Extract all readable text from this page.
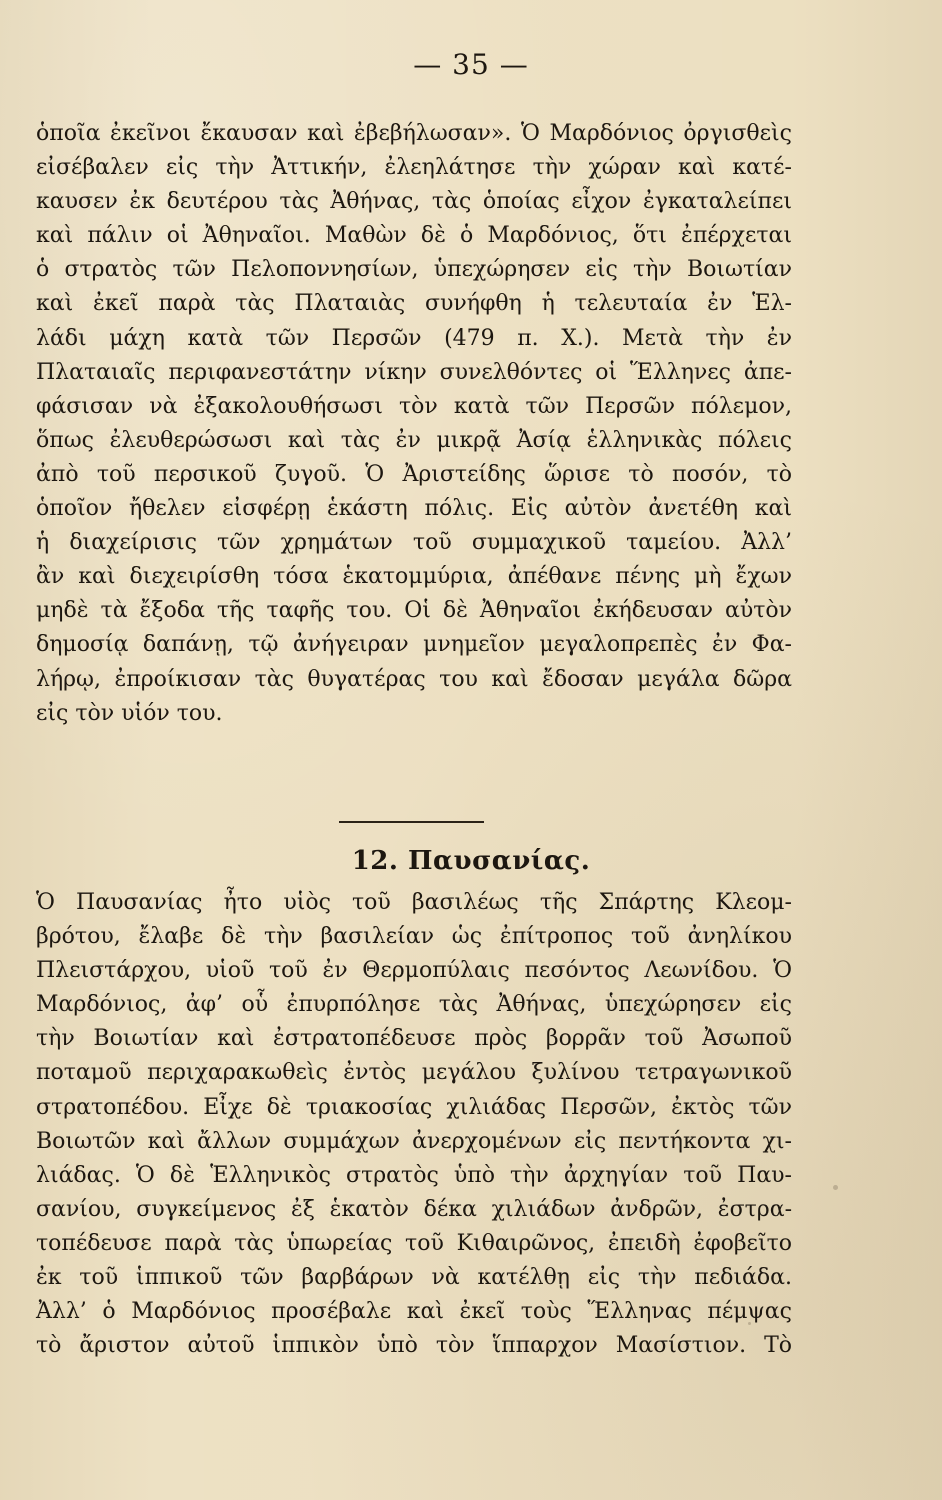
— 35 —
ὁποῖα ἐκεῖνοι ἔκαυσαν καὶ ἐβεβήλωσαν». Ὁ Μαρδόνιος ὀργισθεὶς
εἰσέβαλεν εἰς τὴν Ἀττικήν, ἐλεηλάτησε τὴν χώραν καὶ κατέ-
καυσεν ἐκ δευτέρου τὰς Ἀθήνας, τὰς ὁποίας εἶχον ἐγκαταλείπει
καὶ πάλιν οἱ Ἀθηναῖοι. Μαθὼν δὲ ὁ Μαρδόνιος, ὅτι ἐπέρχεται
ὁ στρατὸς τῶν Πελοποννησίων, ὑπεχώρησεν εἰς τὴν Βοιωτίαν
καὶ ἐκεῖ παρὰ τὰς Πλαταιὰς συνήφθη ἡ τελευταία ἐν Ἑλ-
λάδι μάχη κατὰ τῶν Περσῶν (479 π. Χ.). Μετὰ τὴν ἐν
Πλαταιαῖς περιφανεστάτην νίκην συνελθόντες οἱ Ἕλληνες ἀπε-
φάσισαν νὰ ἐξακολουθήσωσι τὸν κατὰ τῶν Περσῶν πόλεμον,
ὅπως ἐλευθερώσωσι καὶ τὰς ἐν μικρᾷ Ἀσίᾳ ἑλληνικὰς πόλεις
ἀπὸ τοῦ περσικοῦ ζυγοῦ. Ὁ Ἀριστείδης ὥρισε τὸ ποσόν, τὸ
ὁποῖον ἤθελεν εἰσφέρῃ ἑκάστη πόλις. Εἰς αὐτὸν ἀνετέθη καὶ
ἡ διαχείρισις τῶν χρημάτων τοῦ συμμαχικοῦ ταμείου. Ἀλλ’
ἂν καὶ διεχειρίσθη τόσα ἑκατομμύρια, ἀπέθανε πένης μὴ ἔχων
μηδὲ τὰ ἔξοδα τῆς ταφῆς του. Οἱ δὲ Ἀθηναῖοι ἐκήδευσαν αὐτὸν
δημοσίᾳ δαπάνῃ, τῷ ἀνήγειραν μνημεῖον μεγαλοπρεπὲς ἐν Φα-
λήρῳ, ἐπροίκισαν τὰς θυγατέρας του καὶ ἔδοσαν μεγάλα δῶρα
εἰς τὸν υἱόν του.
12. Παυσανίας.
Ὁ Παυσανίας ἦτο υἱὸς τοῦ βασιλέως τῆς Σπάρτης Κλεομ-
βρότου, ἔλαβε δὲ τὴν βασιλείαν ὡς ἐπίτροπος τοῦ ἀνηλίκου
Πλειστάρχου, υἱοῦ τοῦ ἐν Θερμοπύλαις πεσόντος Λεωνίδου. Ὁ
Μαρδόνιος, ἀφ’ οὗ ἐπυρπόλησε τὰς Ἀθήνας, ὑπεχώρησεν εἰς
τὴν Βοιωτίαν καὶ ἐστρατοπέδευσε πρὸς βορρᾶν τοῦ Ἀσωποῦ
ποταμοῦ περιχαρακωθεὶς ἐντὸς μεγάλου ξυλίνου τετραγωνικοῦ
στρατοπέδου. Εἶχε δὲ τριακοσίας χιλιάδας Περσῶν, ἐκτὸς τῶν
Βοιωτῶν καὶ ἄλλων συμμάχων ἀνερχομένων εἰς πεντήκοντα χι-
λιάδας. Ὁ δὲ Ἑλληνικὸς στρατὸς ὑπὸ τὴν ἀρχηγίαν τοῦ Παυ-
σανίου, συγκείμενος ἐξ ἑκατὸν δέκα χιλιάδων ἀνδρῶν, ἐστρα-
τοπέδευσε παρὰ τὰς ὑπωρείας τοῦ Κιθαιρῶνος, ἐπειδὴ ἐφοβεῖτο
ἐκ τοῦ ἱππικοῦ τῶν βαρβάρων νὰ κατέλθῃ εἰς τὴν πεδιάδα.
Ἀλλ’ ὁ Μαρδόνιος προσέβαλε καὶ ἐκεῖ τοὺς Ἕλληνας πέμψας
τὸ ἄριστον αὐτοῦ ἱππικὸν ὑπὸ τὸν ἵππαρχον Μασίστιον. Τὸ
